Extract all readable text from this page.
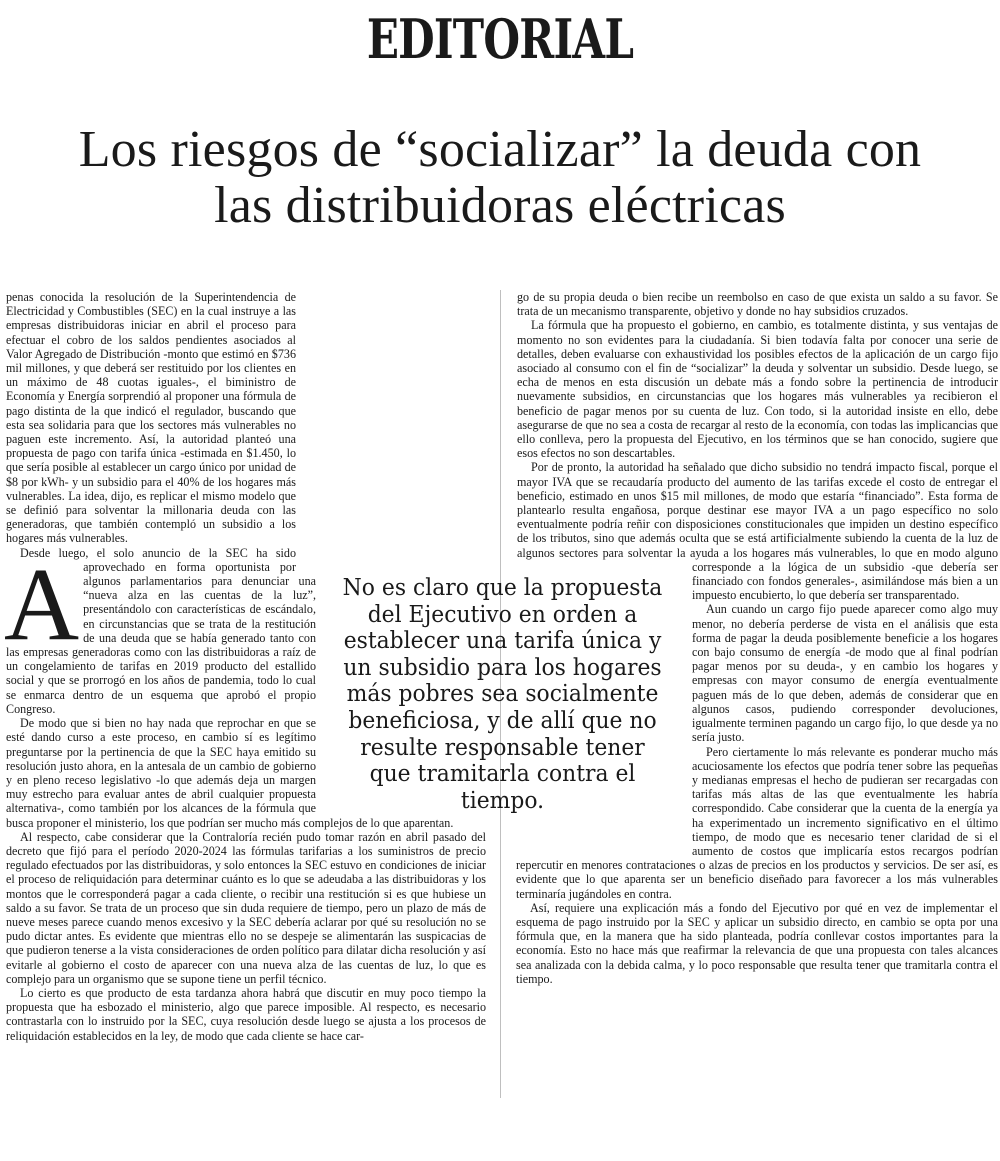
EDITORIAL
Los riesgos de “socializar” la deuda con
las distribuidoras eléctricas

A
penas conocida la resolución de la Superintendencia de Electricidad y Combustibles (SEC) en la cual instruye a las empresas distribuidoras iniciar en abril el proceso para efectuar el cobro de los saldos pendientes asociados al Valor Agregado de Distribución -monto que estimó en $736 mil millones, y que deberá ser restituido por los clientes en un máximo de 48 cuotas iguales-, el biministro de Economía y Energía sorprendió al proponer una fórmula de pago distinta de la que indicó el regulador, buscando que esta sea solidaria para que los sectores más vulnerables no paguen este incremento. Así, la autoridad planteó una propuesta de pago con tarifa única -estimada en $1.450, lo que sería posible al establecer un cargo único por unidad de $8 por kWh- y un subsidio para el 40% de los hogares más vulnerables. La idea, dijo, es replicar el mismo modelo que se definió para solventar la millonaria deuda con las generadoras, que también contempló un subsidio a los hogares más vulnerables.

Desde luego, el solo anuncio de la SEC ha sido aprovechado en forma oportunista por algunos parlamentarios para denunciar una “nueva alza en las cuentas de la luz”, presentándolo con características de escándalo, en circunstancias que se trata de la restitución de una deuda que se había generado tanto con las empresas generadoras como con las distribuidoras a raíz de un congelamiento de tarifas en 2019 producto del estallido social y que se prorrogó en los años de pandemia, todo lo cual se enmarca dentro de un esquema que aprobó el propio Congreso.

De modo que si bien no hay nada que reprochar en que se esté dando curso a este proceso, en cambio sí es legítimo preguntarse por la pertinencia de que la SEC haya emitido su resolución justo ahora, en la antesala de un cambio de gobierno y en pleno receso legislativo -lo que además deja un margen muy estrecho para evaluar antes de abril cualquier propuesta alternativa-, como también por los alcances de la fórmula que busca proponer el ministerio, los que podrían ser mucho más complejos de lo que aparentan.

Al respecto, cabe considerar que la Contraloría recién pudo tomar razón en abril pasado del decreto que fijó para el período 2020-2024 las fórmulas tarifarias a los suministros de precio regulado efectuados por las distribuidoras, y solo entonces la SEC estuvo en condiciones de iniciar el proceso de reliquidación para determinar cuánto es lo que se adeudaba a las distribuidoras y los montos que le corresponderá pagar a cada cliente, o recibir una restitución si es que hubiese un saldo a su favor. Se trata de un proceso que sin duda requiere de tiempo, pero un plazo de más de nueve meses parece cuando menos excesivo y la SEC debería aclarar por qué su resolución no se pudo dictar antes. Es evidente que mientras ello no se despeje se alimentarán las suspicacias de que pudieron tenerse a la vista consideraciones de orden político para dilatar dicha resolución y así evitarle al gobierno el costo de aparecer con una nueva alza de las cuentas de luz, lo que es complejo para un organismo que se supone tiene un perfil técnico.

Lo cierto es que producto de esta tardanza ahora habrá que discutir en muy poco tiempo la propuesta que ha esbozado el ministerio, algo que parece imposible. Al respecto, es necesario contrastarla con lo instruido por la SEC, cuya resolución desde luego se ajusta a los procesos de reliquidación establecidos en la ley, de modo que cada cliente se hace car-

go de su propia deuda o bien recibe un reembolso en caso de que exista un saldo a su favor. Se trata de un mecanismo transparente, objetivo y donde no hay subsidios cruzados.

La fórmula que ha propuesto el gobierno, en cambio, es totalmente distinta, y sus ventajas de momento no son evidentes para la ciudadanía. Si bien todavía falta por conocer una serie de detalles, deben evaluarse con exhaustividad los posibles efectos de la aplicación de un cargo fijo asociado al consumo con el fin de “socializar” la deuda y solventar un subsidio. Desde luego, se echa de menos en esta discusión un debate más a fondo sobre la pertinencia de introducir nuevamente subsidios, en circunstancias que los hogares más vulnerables ya recibieron el beneficio de pagar menos por su cuenta de luz. Con todo, si la autoridad insiste en ello, debe asegurarse de que no sea a costa de recargar al resto de la economía, con todas las implicancias que ello conlleva, pero la propuesta del Ejecutivo, en los términos que se han conocido, sugiere que esos efectos no son descartables.

Por de pronto, la autoridad ha señalado que dicho subsidio no tendrá impacto fiscal, porque el mayor IVA que se recaudaría producto del aumento de las tarifas excede el costo de entregar el beneficio, estimado en unos $15 mil millones, de modo que estaría “financiado”. Esta forma de plantearlo resulta engañosa, porque destinar ese mayor IVA a un pago específico no solo eventualmente podría reñir con disposiciones constitucionales que impiden un destino específico de los tributos, sino que además oculta que se está artificialmente subiendo la cuenta de la luz de algunos sectores para solventar la ayuda a los hogares más vulnerables, lo que en modo alguno corresponde a la lógica de un subsidio -que debería ser financiado con fondos generales-, asimilándose más bien a un impuesto encubierto, lo que debería ser transparentado.

Aun cuando un cargo fijo puede aparecer como algo muy menor, no debería perderse de vista en el análisis que esta forma de pagar la deuda posiblemente beneficie a los hogares con bajo consumo de energía -de modo que al final podrían pagar menos por su deuda-, y en cambio los hogares y empresas con mayor consumo de energía eventualmente paguen más de lo que deben, además de considerar que en algunos casos, pudiendo corresponder devoluciones, igualmente terminen pagando un cargo fijo, lo que desde ya no sería justo.

Pero ciertamente lo más relevante es ponderar mucho más acuciosamente los efectos que podría tener sobre las pequeñas y medianas empresas el hecho de pudieran ser recargadas con tarifas más altas de las que eventualmente les habría correspondido. Cabe considerar que la cuenta de la energía ya ha experimentado un incremento significativo en el último tiempo, de modo que es necesario tener claridad de si el aumento de costos que implicaría estos recargos podrían repercutir en menores contrataciones o alzas de precios en los productos y servicios. De ser así, es evidente que lo que aparenta ser un beneficio diseñado para favorecer a los más vulnerables terminaría jugándoles en contra.

Así, requiere una explicación más a fondo del Ejecutivo por qué en vez de implementar el esquema de pago instruido por la SEC y aplicar un subsidio directo, en cambio se opta por una fórmula que, en la manera que ha sido planteada, podría conllevar costos importantes para la economía. Esto no hace más que reafirmar la relevancia de que una propuesta con tales alcances sea analizada con la debida calma, y lo poco responsable que resulta tener que tramitarla contra el tiempo.

No es claro que la propuesta del Ejecutivo en orden a establecer una tarifa única y un subsidio para los hogares más pobres sea socialmente beneficiosa, y de allí que no resulte responsable tener que tramitarla contra el tiempo.
